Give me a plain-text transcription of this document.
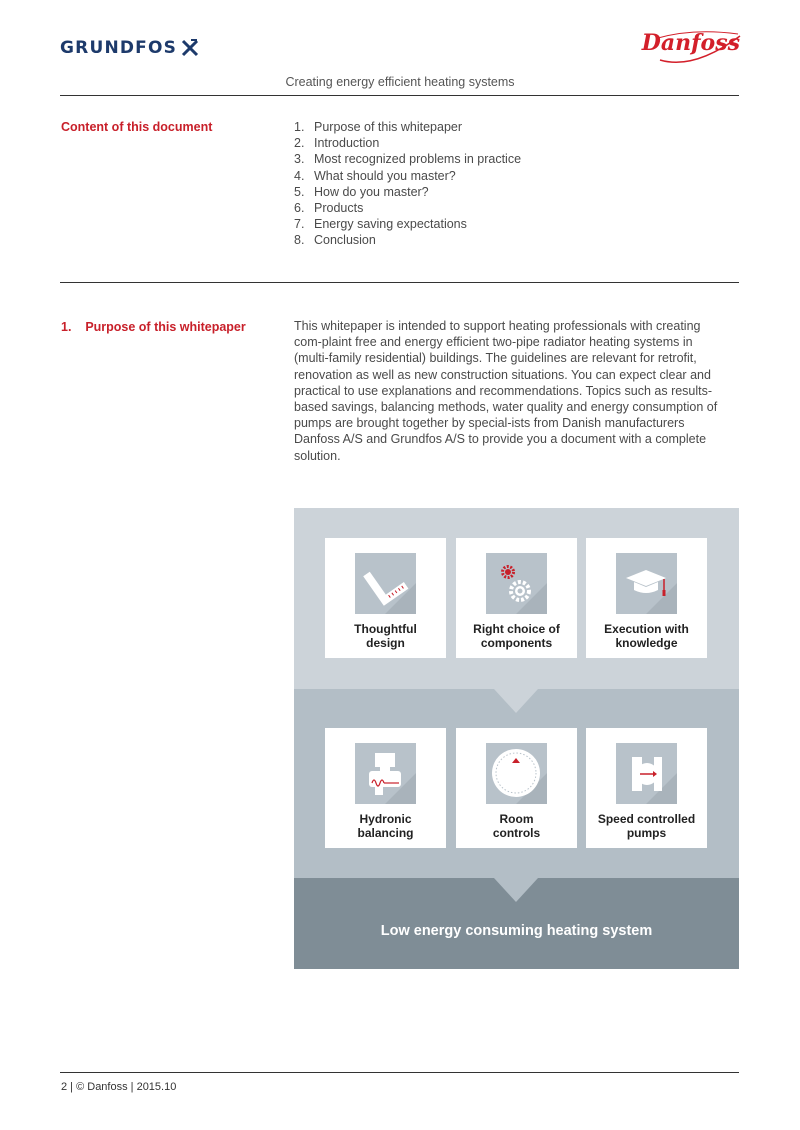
GRUNDFOS	Danfoss
Creating energy efficient heating systems
Content of this document	1. Purpose of this whitepaper
2. Introduction
3. Most recognized problems in practice
4. What should you master?
5. How do you master?
6. Products
7. Energy saving expectations
8. Conclusion
1.    Purpose of this whitepaper	This whitepaper is intended to support heating professionals with creating com-plaint free and energy efficient two-pipe radiator heating systems in (multi-family residential) buildings. The guidelines are relevant for retrofit, renovation as well as new construction situations. You can expect clear and practical to use explanations and recommendations. Topics such as results-based savings, balancing methods, water quality and energy consumption of pumps are brought together by special-ists from Danish manufacturers Danfoss A/S and Grundfos A/S to provide you a document with a complete solution.
Thoughtful
design
Right choice of
components
Execution with
knowledge
Hydronic
balancing
Room
controls
Speed controlled
pumps
Low energy consuming heating system
2 | © Danfoss | 2015.10
